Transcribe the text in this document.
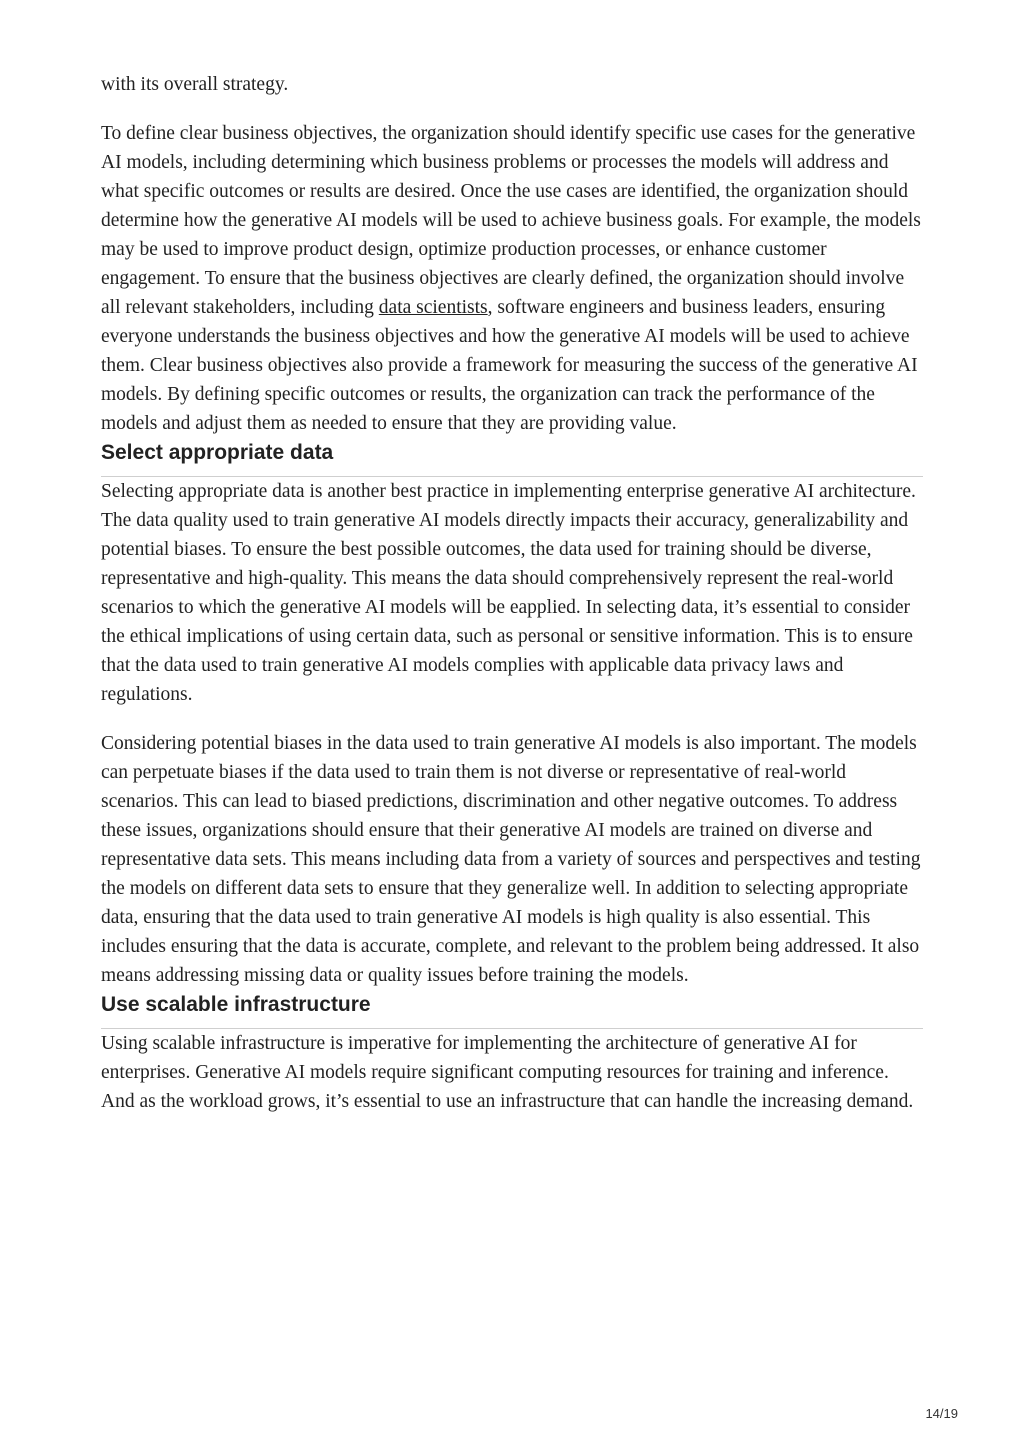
with its overall strategy.

To define clear business objectives, the organization should identify specific use cases for the generative AI models, including determining which business problems or processes the models will address and what specific outcomes or results are desired. Once the use cases are identified, the organization should determine how the generative AI models will be used to achieve business goals. For example, the models may be used to improve product design, optimize production processes, or enhance customer engagement. To ensure that the business objectives are clearly defined, the organization should involve all relevant stakeholders, including data scientists, software engineers and business leaders, ensuring everyone understands the business objectives and how the generative AI models will be used to achieve them. Clear business objectives also provide a framework for measuring the success of the generative AI models. By defining specific outcomes or results, the organization can track the performance of the models and adjust them as needed to ensure that they are providing value.

Select appropriate data

Selecting appropriate data is another best practice in implementing enterprise generative AI architecture. The data quality used to train generative AI models directly impacts their accuracy, generalizability and potential biases. To ensure the best possible outcomes, the data used for training should be diverse, representative and high-quality. This means the data should comprehensively represent the real-world scenarios to which the generative AI models will be eapplied. In selecting data, it’s essential to consider the ethical implications of using certain data, such as personal or sensitive information. This is to ensure that the data used to train generative AI models complies with applicable data privacy laws and regulations.

Considering potential biases in the data used to train generative AI models is also important. The models can perpetuate biases if the data used to train them is not diverse or representative of real-world scenarios. This can lead to biased predictions, discrimination and other negative outcomes. To address these issues, organizations should ensure that their generative AI models are trained on diverse and representative data sets. This means including data from a variety of sources and perspectives and testing the models on different data sets to ensure that they generalize well. In addition to selecting appropriate data, ensuring that the data used to train generative AI models is high quality is also essential. This includes ensuring that the data is accurate, complete, and relevant to the problem being addressed. It also means addressing missing data or quality issues before training the models.

Use scalable infrastructure

Using scalable infrastructure is imperative for implementing the architecture of generative AI for enterprises. Generative AI models require significant computing resources for training and inference. And as the workload grows, it’s essential to use an infrastructure that can handle the increasing demand.

14/19
